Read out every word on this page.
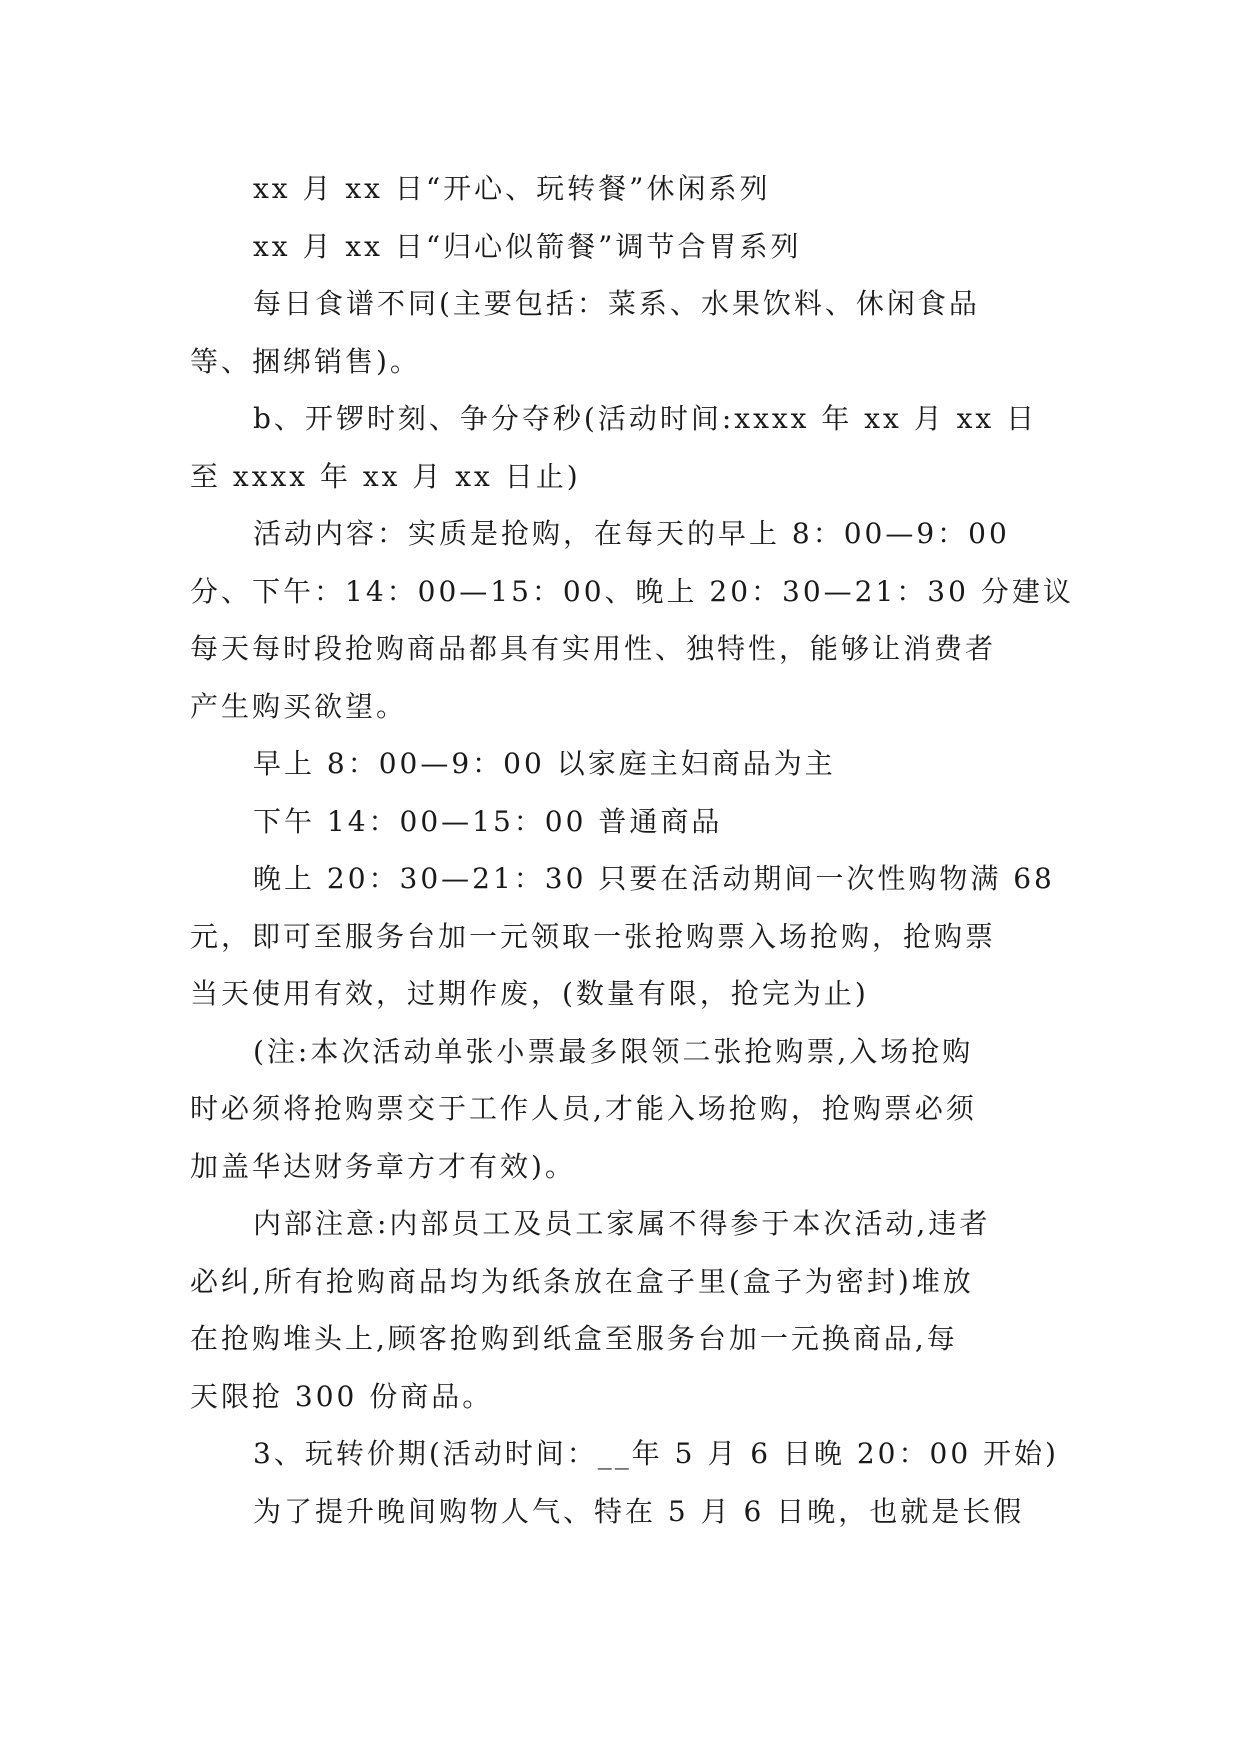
xx 月 xx 日“开心、玩转餐”休闲系列
xx 月 xx 日“归心似箭餐”调节合胃系列
每日食谱不同(主要包括：菜系、水果饮料、休闲食品
等、捆绑销售)。
b、开锣时刻、争分夺秒(活动时间:xxxx 年 xx 月 xx 日
至 xxxx 年 xx 月 xx 日止)
活动内容：实质是抢购，在每天的早上 8：00—9：00
分、下午：14：00—15：00、晚上 20：30—21：30 分建议
每天每时段抢购商品都具有实用性、独特性，能够让消费者
产生购买欲望。
早上 8：00—9：00 以家庭主妇商品为主
下午 14：00—15：00 普通商品
晚上 20：30—21：30 只要在活动期间一次性购物满 68
元，即可至服务台加一元领取一张抢购票入场抢购，抢购票
当天使用有效，过期作废，(数量有限，抢完为止)
(注:本次活动单张小票最多限领二张抢购票,入场抢购
时必须将抢购票交于工作人员,才能入场抢购，抢购票必须
加盖华达财务章方才有效)。
内部注意:内部员工及员工家属不得参于本次活动,违者
必纠,所有抢购商品均为纸条放在盒子里(盒子为密封)堆放
在抢购堆头上,顾客抢购到纸盒至服务台加一元换商品,每
天限抢 300 份商品。
3、玩转价期(活动时间：__年 5 月 6 日晚 20：00 开始)
为了提升晚间购物人气、特在 5 月 6 日晚，也就是长假
